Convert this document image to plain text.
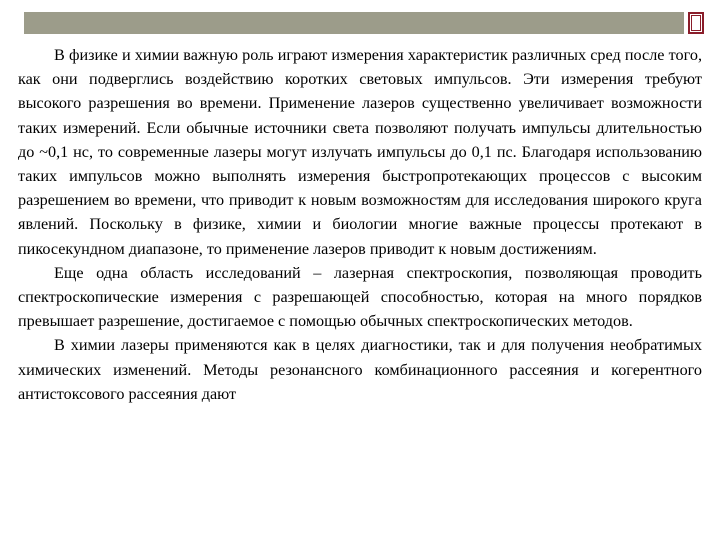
В физике и химии важную роль играют измерения характеристик различных сред после того, как они подверглись воздействию коротких световых импульсов. Эти измерения требуют высокого разрешения во времени. Применение лазеров существенно увеличивает возможности таких измерений. Если обычные источники света позволяют получать импульсы длительностью до ~0,1 нс, то современные лазеры могут излучать импульсы до 0,1 пс. Благодаря использованию таких импульсов можно выполнять измерения быстропротекающих процессов с высоким разрешением во времени, что приводит к новым возможностям для исследования широкого круга явлений. Поскольку в физике, химии и биологии многие важные процессы протекают в пикосекундном диапазоне, то применение лазеров приводит к новым достижениям.

Еще одна область исследований – лазерная спектроскопия, позволяющая проводить спектроскопические измерения с разрешающей способностью, которая на много порядков превышает разрешение, достигаемое с помощью обычных спектроскопических методов.

В химии лазеры применяются как в целях диагностики, так и для получения необратимых химических изменений. Методы резонансного комбинационного рассеяния и когерентного антистоксового рассеяния дают
